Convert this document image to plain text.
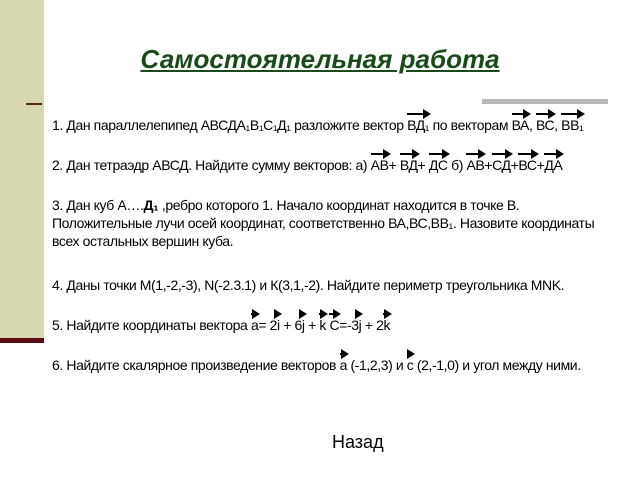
Самостоятельная работа
1. Дан параллелепипед АВСДА₁В₁С₁Д₁ разложите вектор ВД₁ по векторам ВА, ВС, ВВ₁
2. Дан тетраэдр АВСД. Найдите сумму векторов: а) АВ+ ВД+ ДС б) АВ+СД+ВС+ДА
3. Дан куб А….Д₁ ,ребро которого 1. Начало координат находится в точке В.
Положительные лучи осей координат, соответственно ВА,ВС,ВВ₁. Назовите координаты
всех остальных вершин куба.
4. Даны точки М(1,-2,-3), N(-2.3.1) и К(3,1,-2). Найдите периметр треугольника MNK.
5. Найдите координаты вектора а= 2i + 6j + k С=-3j + 2k
6. Найдите скалярное произведение векторов а (-1,2,3) и с (2,-1,0) и угол между ними.
Назад
